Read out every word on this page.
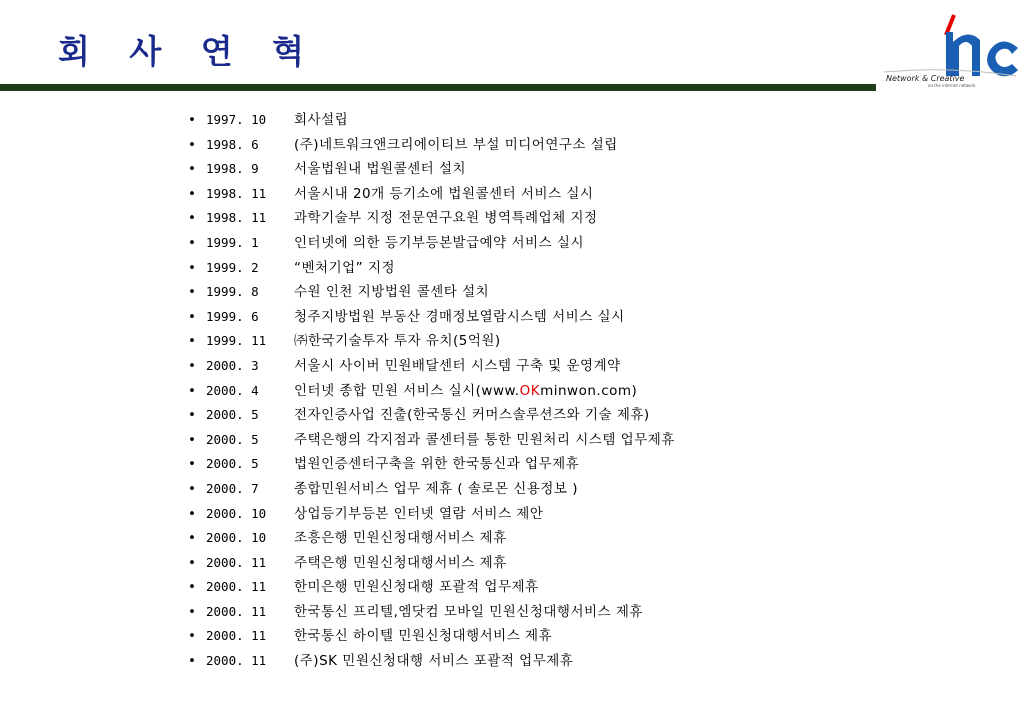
회 사 연 혁
Network & Creative
on the internet network
• 1997. 10	회사설립
• 1998. 6	(주)네트워크앤크리에이티브 부설 미디어연구소 설립
• 1998. 9	서울법원내 법원콜센터 설치
• 1998. 11	서울시내 20개 등기소에 법원콜센터 서비스 실시
• 1998. 11	과학기술부 지정 전문연구요원 병역특례업체 지정
• 1999. 1	인터넷에 의한 등기부등본발급예약 서비스 실시
• 1999. 2	“벤처기업” 지정
• 1999. 8	수원 인천 지방법원 콜센타 설치
• 1999. 6	청주지방법원 부동산 경매정보열람시스템 서비스 실시
• 1999. 11	㈜한국기술투자 투자 유치(5억원)
• 2000. 3	서울시 사이버 민원배달센터 시스템 구축 및 운영계약
• 2000. 4	인터넷 종합 민원 서비스 실시(www.OKminwon.com)
• 2000. 5	전자인증사업 진출(한국통신 커머스솔루션즈와 기술 제휴)
• 2000. 5	주택은행의 각지점과 콜센터를 통한 민원처리 시스템 업무제휴
• 2000. 5	법원인증센터구축을 위한 한국통신과 업무제휴
• 2000. 7	종합민원서비스 업무 제휴 ( 솔로몬 신용정보 )
• 2000. 10	상업등기부등본 인터넷 열람 서비스 제안
• 2000. 10	조흥은행 민원신청대행서비스 제휴
• 2000. 11	주택은행 민원신청대행서비스 제휴
• 2000. 11	한미은행 민원신청대행 포괄적 업무제휴
• 2000. 11	한국통신 프리텔,엠닷컴 모바일 민원신청대행서비스 제휴
• 2000. 11	한국통신 하이텔 민원신청대행서비스 제휴
• 2000. 11	(주)SK 민원신청대행 서비스 포괄적 업무제휴
